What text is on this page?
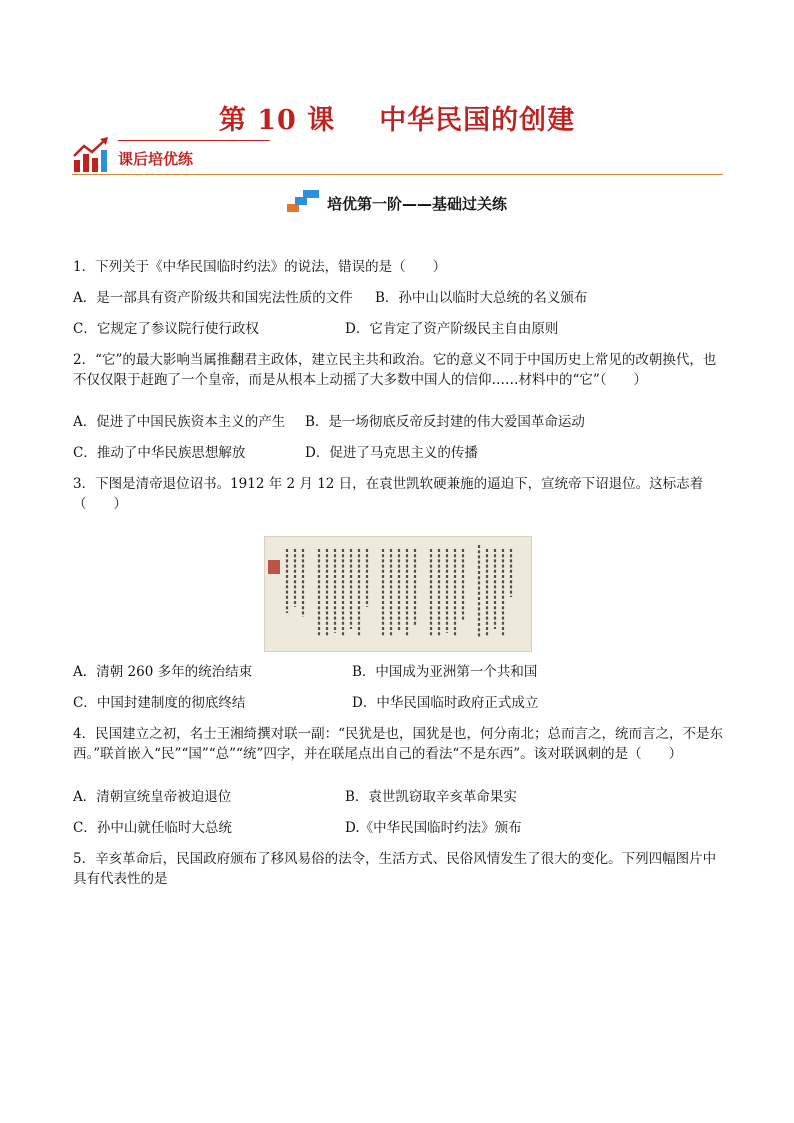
第 10 课 中华民国的创建
课后培优练
培优第一阶——基础过关练
1．下列关于《中华民国临时约法》的说法，错误的是（　　）
A．是一部具有资产阶级共和国宪法性质的文件 B．孙中山以临时大总统的名义颁布
C．它规定了参议院行使行政权	D．它肯定了资产阶级民主自由原则
2．“它”的最大影响当属推翻君主政体，建立民主共和政治。它的意义不同于中国历史上常见的改朝换代，也不仅仅限于赶跑了一个皇帝，而是从根本上动摇了大多数中国人的信仰……材料中的“它”（　　）
A．促进了中国民族资本主义的产生 B．是一场彻底反帝反封建的伟大爱国革命运动
C．推动了中华民族思想解放	D．促进了马克思主义的传播
3．下图是清帝退位诏书。1912 年 2 月 12 日，在袁世凯软硬兼施的逼迫下，宣统帝下诏退位。这标志着（　　）
A．清朝 260 多年的统治结束	B．中国成为亚洲第一个共和国
C．中国封建制度的彻底终结	D．中华民国临时政府正式成立
4．民国建立之初，名士王湘绮撰对联一副：“民犹是也，国犹是也，何分南北；总而言之，统而言之，不是东西。”联首嵌入“民”“国”“总”“统”四字，并在联尾点出自己的看法“不是东西”。该对联讽刺的是（　　）
A．清朝宣统皇帝被迫退位	B．袁世凯窃取辛亥革命果实
C．孙中山就任临时大总统	D.《中华民国临时约法》颁布
5．辛亥革命后，民国政府颁布了移风易俗的法令，生活方式、民俗风情发生了很大的变化。下列四幅图片中具有代表性的是
